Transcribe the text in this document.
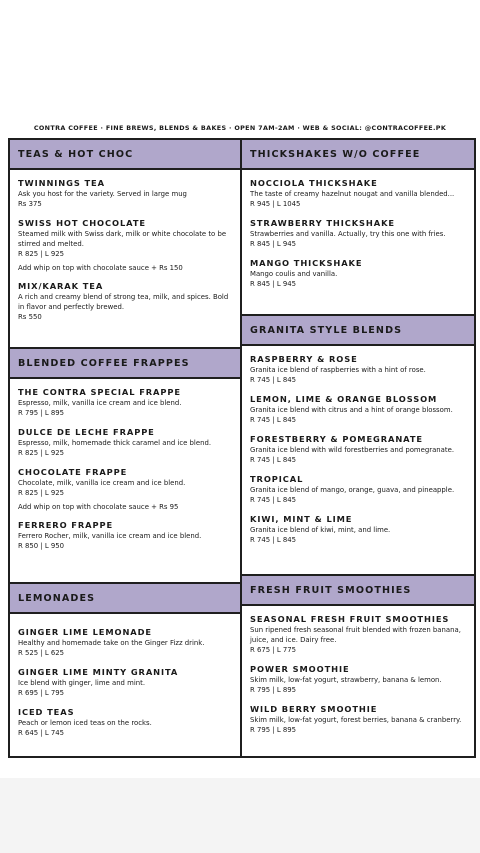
CONTRA COFFEE · FINE BREWS, BLENDS & BAKES · OPEN 7AM-2AM · WEB & SOCIAL: @CONTRACOFFEE.PK
TEAS & HOT CHOC
TWINNINGS TEA
Ask you host for the variety. Served in large mug
Rs 375
SWISS HOT CHOCOLATE
Steamed milk with Swiss dark, milk or white chocolate to be stirred and melted.
R 825 | L 925
Add whip on top with chocolate sauce + Rs 150
MIX/KARAK TEA
A rich and creamy blend of strong tea, milk, and spices. Bold in flavor and perfectly brewed.
Rs 550
BLENDED COFFEE FRAPPES
THE CONTRA SPECIAL FRAPPE
Espresso, milk, vanilla ice cream and ice blend.
R 795 | L 895
DULCE DE LECHE FRAPPE
Espresso, milk, homemade thick caramel and ice blend.
R 825 | L 925
CHOCOLATE FRAPPE
Chocolate, milk, vanilla ice cream and ice blend.
R 825 | L 925
Add whip on top with chocolate sauce + Rs 95
FERRERO FRAPPE
Ferrero Rocher, milk, vanilla ice cream and ice blend.
R 850 | L 950
LEMONADES
GINGER LIME LEMONADE
Healthy and homemade take on the Ginger Fizz drink.
R 525 | L 625
GINGER LIME MINTY GRANITA
Ice blend with ginger, lime and mint.
R 695 | L 795
ICED TEAS
Peach or lemon iced teas on the rocks.
R 645 | L 745
THICKSHAKES W/O COFFEE
NOCCIOLA THICKSHAKE
The taste of creamy hazelnut nougat and vanilla blended...
R 945 | L 1045
STRAWBERRY THICKSHAKE
Strawberries and vanilla. Actually, try this one with fries.
R 845 | L 945
MANGO THICKSHAKE
Mango coulis and vanilla.
R 845 | L 945
GRANITA STYLE BLENDS
RASPBERRY & ROSE
Granita ice blend of raspberries with a hint of rose.
R 745 | L 845
LEMON, LIME & ORANGE BLOSSOM
Granita ice blend with citrus and a hint of orange blossom.
R 745 | L 845
FORESTBERRY & POMEGRANATE
Granita ice blend with wild forestberries and pomegranate.
R 745 | L 845
TROPICAL
Granita ice blend of mango, orange, guava, and pineapple.
R 745 | L 845
KIWI, MINT & LIME
Granita ice blend of kiwi, mint, and lime.
R 745 | L 845
FRESH FRUIT SMOOTHIES
SEASONAL FRESH FRUIT SMOOTHIES
Sun ripened fresh seasonal fruit blended with frozen banana, juice, and ice. Dairy free.
R 675 | L 775
POWER SMOOTHIE
Skim milk, low-fat yogurt, strawberry, banana & lemon.
R 795 | L 895
WILD BERRY SMOOTHIE
Skim milk, low-fat yogurt, forest berries, banana & cranberry.
R 795 | L 895
